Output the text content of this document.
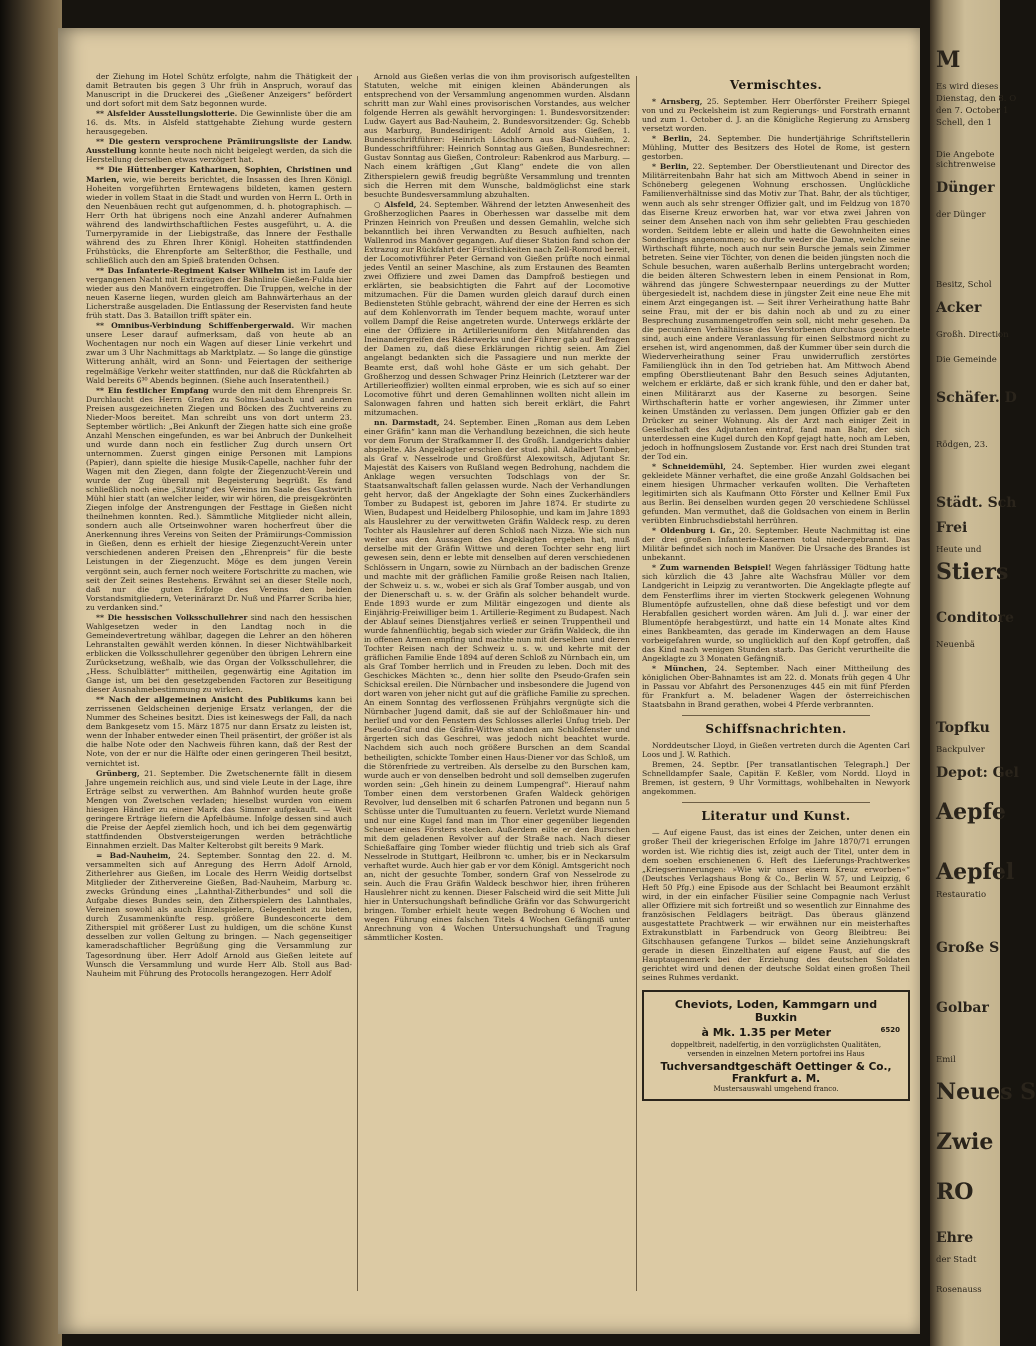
der Ziehung im Hotel Schütz erfolgte, nahm die Thätigkeit der damit Betrauten bis gegen 3 Uhr früh in Anspruch, worauf das Manuscript in die Druckerei des „Gießener Anzeigers“ befördert und dort sofort mit dem Satz begonnen wurde.

** Alsfelder Ausstellungslotterie. Die Gewinnliste über die am 16. ds. Mts. in Alsfeld stattgehabte Ziehung wurde gestern herausgegeben.

** Die gestern versprochene Prämiirungsliste der Landw. Ausstellung konnte heute noch nicht beigelegt werden, da sich die Herstellung derselben etwas verzögert hat.

** Die Hüttenberger Katharinen, Sophien, Christinen und Marien, wie, wie bereits berichtet, die Insassen des Ihren Königl. Hoheiten vorgeführten Erntewagens bildeten, kamen gestern wieder in vollem Staat in die Stadt und wurden von Herrn L. Orth in den Neuenbäuen recht gut aufgenommen, d. h. photographisch. — Herr Orth hat übrigens noch eine Anzahl anderer Aufnahmen während des landwirthschaftlichen Festes ausgeführt, u. A. die Turnerpyramide in der Liebigstraße, das Innere der Festhalle während des zu Ehren Ihrer Königl. Hoheiten stattfindenden Frühstücks, die Ehrenpforte am Selterßthor, die Festhalle, und schließlich auch den am Spieß bratenden Ochsen.

** Das Infanterie-Regiment Kaiser Wilhelm ist im Laufe der vergangenen Nacht mit Extrazügen der Bahnlinie Gießen-Fulda hier wieder aus den Manövern eingetroffen. Die Truppen, welche in der neuen Kaserne liegen, wurden gleich am Bahnwärterhaus an der Licherstraße ausgeladen. Die Entlassung der Reservisten fand heute früh statt. Das 3. Bataillon trifft später ein.

** Omnibus-Verbindung Schiffenbergerwald. Wir machen unsere Leser darauf aufmerksam, daß von heute ab an Wochentagen nur noch ein Wagen auf dieser Linie verkehrt und zwar um 3 Uhr Nachmittags ab Marktplatz. — So lange die günstige Witterung anhält, wird an Sonn- und Feiertagen der seitherige regelmäßige Verkehr weiter stattfinden, nur daß die Rückfahrten ab Wald bereits 6³⁰ Abends beginnen. (Siehe auch Inseratentheil.)

** Ein festlicher Empfang wurde den mit dem Ehrenpreis Sr. Durchlaucht des Herrn Grafen zu Solms-Laubach und anderen Preisen ausgezeichneten Ziegen und Böcken des Zuchtvereins zu Nieder-Moos bereitet. Man schreibt uns von dort unterm 23. September wörtlich: „Bei Ankunft der Ziegen hatte sich eine große Anzahl Menschen eingefunden, es war bei Anbruch der Dunkelheit und wurde dann noch ein festlicher Zug durch unsern Ort unternommen. Zuerst gingen einige Personen mit Lampions (Papier), dann spielte die hiesige Musik-Capelle, nachher fuhr der Wagen mit den Ziegen, dann folgte der Ziegenzucht-Verein und wurde der Zug überall mit Begeisterung begrüßt. Es fand schließlich noch eine „Sitzung“ des Vereins im Saale des Gastwirth Mühl hier statt (an welcher leider, wir wir hören, die preisgekrönten Ziegen infolge der Anstrengungen der Festtage in Gießen nicht theilnehmen konnten. Red.). Sämmtliche Mitglieder nicht allein, sondern auch alle Ortseinwohner waren hocherfreut über die Anerkennung ihres Vereins von Seiten der Prämiirungs-Commission in Gießen, denn es erhielt der hiesige Ziegenzucht-Verein unter verschiedenen anderen Preisen den „Ehrenpreis“ für die beste Leistungen in der Ziegenzucht. Möge es dem jungen Verein vergönnt sein, auch ferner noch weitere Fortschritte zu machen, wie seit der Zeit seines Bestehens. Erwähnt sei an dieser Stelle noch, daß nur die guten Erfolge des Vereins den beiden Vorstandsmitgliedern, Veterinärarzt Dr. Nuß und Pfarrer Scriba hier, zu verdanken sind.“

** Die hessischen Volksschullehrer sind nach den hessischen Wahlgesetzen weder in den Landtag noch in die Gemeindevertretung wählbar, dagegen die Lehrer an den höheren Lehranstalten gewählt werden können. In dieser Nichtwählbarkeit erblicken die Volksschullehrer gegenüber den übrigen Lehrern eine Zurücksetzung, weßhalb, wie das Organ der Volksschullehrer, die „Hess. Schulblätter“ mittheilen, gegenwärtig eine Agitation im Gange ist, um bei den gesetzgebenden Factoren zur Beseitigung dieser Ausnahmebestimmung zu wirken.

** Nach der allgemeinen Ansicht des Publikums kann bei zerrissenen Geldscheinen derjenige Ersatz verlangen, der die Nummer des Scheines besitzt. Dies ist keineswegs der Fall, da nach dem Bankgesetz vom 15. März 1875 nur dann Ersatz zu leisten ist, wenn der Inhaber entweder einen Theil präsentirt, der größer ist als die halbe Note oder den Nachweis führen kann, daß der Rest der Note, von der er nur die Hälfte oder einen geringeren Theil besitzt, vernichtet ist.

Grünberg, 21. September. Die Zwetschenernte fällt in diesem Jahre ungemein reichlich aus, und sind viele Leute in der Lage, ihre Erträge selbst zu verwerthen. Am Bahnhof wurden heute große Mengen von Zwetschen verladen; hieselbst wurden von einem hiesigen Händler zu einer Mark das Simmer aufgekauft. — Weit geringere Erträge liefern die Apfelbäume. Infolge dessen sind auch die Preise der Aepfel ziemlich hoch, und ich bei dem gegenwärtig stattfindenden Obstversteigerungen werden beträchtliche Einnahmen erzielt. Das Malter Kelterobst gilt bereits 9 Mark.

= Bad-Nauheim, 24. September. Sonntag den 22. d. M. versammelten sich auf Anregung des Herrn Adolf Arnold, Zitherlehrer aus Gießen, im Locale des Herrn Weidig dortselbst Mitglieder der Zithervereine Gießen, Bad-Nauheim, Marburg ꝛc. zwecks Gründung eines „Lahnthal-Zitherbundes“ und soll die Aufgabe dieses Bundes sein, den Zitherspielern des Lahnthales, Vereinen sowohl als auch Einzelspielern, Gelegenheit zu bieten, durch Zusammenkünfte resp. größere Bundesconcerte dem Zitherspiel mit größerer Lust zu huldigen, um die schöne Kunst desselben zur vollen Geltung zu bringen. — Nach gegenseitiger kameradschaftlicher Begrüßung ging die Versammlung zur Tagesordnung über. Herr Adolf Arnold aus Gießen leitete auf Wunsch die Versammlung und wurde Herr Alb. Stoll aus Bad-Nauheim mit Führung des Protocolls herangezogen. Herr Adolf

Arnold aus Gießen verlas die von ihm provisorisch aufgestellten Statuten, welche mit einigen kleinen Abänderungen als entsprechend von der Versammlung angenommen wurden. Alsdann schritt man zur Wahl eines provisorischen Vorstandes, aus welcher folgende Herren als gewählt hervorgingen: 1. Bundesvorsitzender: Ludw. Gayert aus Bad-Nauheim, 2. Bundesvorsitzender: Gg. Schebb aus Marburg, Bundesdirigent: Adolf Arnold aus Gießen, 1. Bundesschriftführer: Heinrich Löschhorn aus Bad-Nauheim, 2. Bundesschriftführer: Heinrich Sonntag aus Gießen, Bundesrechner: Gustav Sonntag aus Gießen, Controleur: Rabenkrod aus Marburg. — Nach einem kräftigen „Gut Klang“ endete die von allen Zitherspielern gewiß freudig begrüßte Versammlung und trennten sich die Herren mit dem Wunsche, baldmöglichst eine stark besuchte Bundesversammlung abzuhalten.

○ Alsfeld, 24. September. Während der letzten Anwesenheit des Großherzoglichen Paares in Oberhessen war dasselbe mit dem Prinzen Heinrich von Preußen und dessen Gemahlin, welche sich bekanntlich bei ihren Verwandten zu Besuch aufhielten, nach Wallenrod ins Manöver gegangen. Auf dieser Station fand schon der Extrazug zur Rückfahrt der Fürstlichkeiten nach Zell-Romrod bereit, der Locomotivführer Peter Gernand von Gießen prüfte noch einmal jedes Ventil an seiner Maschine, als zum Erstaunen des Beamten zwei Offiziere und zwei Damen das Dampfroß bestiegen und erklärten, sie beabsichtigten die Fahrt auf der Locomotive mitzumachen. Für die Damen wurden gleich darauf durch einen Bediensteten Stühle gebracht, während der eine der Herren es sich auf dem Kohlenvorrath im Tender bequem machte, worauf unter vollem Dampf die Reise angetreten wurde. Unterwegs erklärte der eine der Offiziere in Artillerieuniform den Mitfahrenden das Ineinandergreifen des Räderwerks und der Führer gab auf Befragen der Damen zu, daß diese Erklärungen richtig seien. Am Ziel angelangt bedankten sich die Passagiere und nun merkte der Beamte erst, daß wohl hohe Gäste er um sich gehabt. Der Großherzog und dessen Schwager Prinz Heinrich (Letzterer war der Artillerieoffizier) wollten einmal erproben, wie es sich auf so einer Locomotive führt und deren Gemahlinnen wollten nicht allein im Salonwagen fahren und hatten sich bereit erklärt, die Fahrt mitzumachen.

nn. Darmstadt, 24. September. Einen „Roman aus dem Leben einer Gräfin“ kann man die Verhandlung bezeichnen, die sich heute vor dem Forum der Strafkammer II. des Großh. Landgerichts dahier abspielte. Als Angeklagter erschien der stud. phil. Adalbert Tomber, als Graf v. Nesselrode und Großfürst Alexowitsch, Adjutant Sr. Majestät des Kaisers von Rußland wegen Bedrohung, nachdem die Anklage wegen versuchten Todschlags von der Sr. Staatsanwaltschaft fallen gelassen wurde. Nach der Verhandlungen geht hervor, daß der Angeklagte der Sohn eines Zuckerhändlers Tomber zu Budapest ist, geboren im Jahre 1874. Er studirte zu Wien, Budapest und Heidelberg Philosophie, und kam im Jahre 1893 als Hauslehrer zu der verwittweten Gräfin Waldeck resp. zu deren Tochter als Hauslehrer auf deren Schloß nach Nizza. Wie sich nun weiter aus den Aussagen des Angeklagten ergeben hat, muß derselbe mit der Gräfin Wittwe und deren Tochter sehr eng liirt gewesen sein, denn er lebte mit denselben auf deren verschiedenen Schlössern in Ungarn, sowie zu Nürnbach an der badischen Grenze und machte mit der gräflichen Familie große Reisen nach Italien, der Schweiz u. s. w., wobei er sich als Graf Tomber ausgab, und von der Dienerschaft u. s. w. der Gräfin als solcher behandelt wurde. Ende 1893 wurde er zum Militär eingezogen und diente als Einjährig-Freiwilliger beim 1. Artillerie-Regiment zu Budapest. Nach der Ablauf seines Dienstjahres verließ er seinen Truppentheil und wurde fahnenflüchtig, begab sich wieder zur Gräfin Waldeck, die ihn in offenen Armen empfing und machte nun mit derselben und deren Tochter Reisen nach der Schweiz u. s. w. und kehrte mit der gräflichen Familie Ende 1894 auf deren Schloß zu Nürnbach ein, um als Graf Tomber herrlich und in Freuden zu leben. Doch mit des Geschickes Mächten ꝛc., denn hier sollte den Pseudo-Grafen sein Schicksal ereilen. Die Nürnbacher und insbesondere die Jugend von dort waren von jeher nicht gut auf die gräfliche Familie zu sprechen. An einem Sonntag des verflossenen Frühjahrs vergnügte sich die Nürnbacher Jugend damit, daß sie auf der Schloßmauer hin- und herlief und vor den Fenstern des Schlosses allerlei Unfug trieb. Der Pseudo-Graf und die Gräfin-Wittwe standen am Schloßfenster und ärgerten sich das Geschrei, was jedoch nicht beachtet wurde. Nachdem sich auch noch größere Burschen an dem Scandal betheiligten, schickte Tomber einen Haus-Diener vor das Schloß, um die Störenfriede zu vertreiben. Als derselbe zu den Burschen kam, wurde auch er von denselben bedroht und soll demselben zugerufen worden sein: „Geh hinein zu deinem Lumpengraf“. Hierauf nahm Tomber einen dem verstorbenen Grafen Waldeck gehörigen Revolver, lud denselben mit 6 scharfen Patronen und begann nun 5 Schüsse unter die Tumultuanten zu feuern. Verletzt wurde Niemand und nur eine Kugel fand man im Thor einer gegenüber liegenden Scheuer eines Försters stecken. Außerdem eilte er den Burschen mit dem geladenen Revolver auf der Straße nach. Nach dieser Schießaffaire ging Tomber wieder flüchtig und trieb sich als Graf Nesselrode in Stuttgart, Heilbronn ꝛc. umher, bis er in Neckarsulm verhaftet wurde. Auch hier gab er vor dem Königl. Amtsgericht noch an, nicht der gesuchte Tomber, sondern Graf von Nesselrode zu sein. Auch die Frau Gräfin Waldeck beschwor hier, ihren früheren Hauslehrer nicht zu kennen. Dieser Falscheid wird die seit Mitte Juli hier in Untersuchungshaft befindliche Gräfin vor das Schwurgericht bringen. Tomber erhielt heute wegen Bedrohung 6 Wochen und wegen Führung eines falschen Titels 4 Wochen Gefängniß unter Anrechnung von 4 Wochen Untersuchungshaft und Tragung sämmtlicher Kosten.

Vermischtes.

* Arnsberg, 25. September. Herr Oberförster Freiherr Spiegel von und zu Peckelsheim ist zum Regierungs- und Forstrath ernannt und zum 1. October d. J. an die Königliche Regierung zu Arnsberg versetzt worden.

* Berlin, 24. September. Die hundertjährige Schriftstellerin Mühling, Mutter des Besitzers des Hotel de Rome, ist gestern gestorben.

* Berlin, 22. September. Der Oberstlieutenant und Director des Militärreitenbahn Bahr hat sich am Mittwoch Abend in seiner in Schöneberg gelegenen Wohnung erschossen. Unglückliche Familienverhältnisse sind das Motiv zur That. Bahr, der als tüchtiger, wenn auch als sehr strenger Offizier galt, und im Feldzug von 1870 das Eiserne Kreuz erworben hat, war vor etwa zwei Jahren von seiner dem Ansehen nach von ihm sehr geliebten Frau geschieden worden. Seitdem lebte er allein und hatte die Gewohnheiten eines Sonderlings angenommen; so durfte weder die Dame, welche seine Wirthschaft führte, noch auch nur sein Bursche jemals sein Zimmer betreten. Seine vier Töchter, von denen die beiden jüngsten noch die Schule besuchen, waren außerhalb Berlins untergebracht worden; die beiden älteren Schwestern leben in einem Pensionat in Rom, während das jüngere Schwesternpaar neuerdings zu der Mutter übergesiedelt ist, nachdem diese in jüngster Zeit eine neue Ehe mit einem Arzt eingegangen ist. — Seit ihrer Verheirathung hatte Bahr seine Frau, mit der er bis dahin noch ab und zu zu einer Besprechung zusammengetroffen sein soll, nicht mehr gesehen. Da die pecuniären Verhältnisse des Verstorbenen durchaus geordnete sind, auch eine andere Veranlassung für einen Selbstmord nicht zu ersehen ist, wird angenommen, daß der Kummer über sein durch die Wiederverheirathung seiner Frau unwiderruflich zerstörtes Familienglück ihn in den Tod getrieben hat. Am Mittwoch Abend empfing Oberstlieutenant Bahr den Besuch seines Adjutanten, welchem er erklärte, daß er sich krank fühle, und den er daher bat, einen Militärarzt aus der Kaserne zu besorgen. Seine Wirthschafterin hatte er vorher angewiesen, ihr Zimmer unter keinen Umständen zu verlassen. Dem jungen Offizier gab er den Drücker zu seiner Wohnung. Als der Arzt nach einiger Zeit in Gesellschaft des Adjutanten eintraf, fand man Bahr, der sich unterdessen eine Kugel durch den Kopf gejagt hatte, noch am Leben, jedoch in hoffnungslosem Zustande vor. Erst nach drei Stunden trat der Tod ein.

* Schneidemühl, 24. September. Hier wurden zwei elegant gekleidete Männer verhaftet, die eine große Anzahl Goldsachen bei einem hiesigen Uhrmacher verkaufen wollten. Die Verhafteten legitimirten sich als Kaufmann Otto Förster und Kellner Emil Fux aus Berlin. Bei denselben wurden gegen 20 verschiedene Schlüssel gefunden. Man vermuthet, daß die Goldsachen von einem in Berlin verübten Einbruchsdiebstahl herrühren.

* Oldenburg i. Gr., 20. September. Heute Nachmittag ist eine der drei großen Infanterie-Kasernen total niedergebrannt. Das Militär befindet sich noch im Manöver. Die Ursache des Brandes ist unbekannt.

* Zum warnenden Beispiel! Wegen fahrlässiger Tödtung hatte sich kürzlich die 43 Jahre alte Wachsfrau Müller vor dem Landgericht in Leipzig zu verantworten. Die Angeklagte pflegte auf dem Fensterflims ihrer im vierten Stockwerk gelegenen Wohnung Blumentöpfe aufzustellen, ohne daß diese befestigt und vor dem Herabfallen gesichert worden wären. Am Juli d. J. war einer der Blumentöpfe herabgestürzt, und hatte ein 14 Monate altes Kind eines Bankbeamten, das gerade im Kinderwagen an dem Hause vorbeigefahren wurde, so unglücklich auf den Kopf getroffen, daß das Kind nach wenigen Stunden starb. Das Gericht verurtheilte die Angeklagte zu 3 Monaten Gefängniß.

* München, 24. September. Nach einer Mittheilung des königlichen Ober-Bahnamtes ist am 22. d. Monats früh gegen 4 Uhr in Passau vor Abfahrt des Personenzuges 445 ein mit fünf Pferden für Frankfurt a. M. beladener Wagen der österreichischen Staatsbahn in Brand gerathen, wobei 4 Pferde verbrannten.

Schiffsnachrichten.

Norddeutscher Lloyd, in Gießen vertreten durch die Agenten Carl Loos und J. W. Rathich.

Bremen, 24. Septbr. [Per transatlantischen Telegraph.] Der Schnelldampfer Saale, Capitän F. Keßler, vom Nordd. Lloyd in Bremen, ist gestern, 9 Uhr Vormittags, wohlbehalten in Newyork angekommen.

Literatur und Kunst.

— Auf eigene Faust, das ist eines der Zeichen, unter denen ein großer Theil der kriegerischen Erfolge im Jahre 1870/71 errungen worden ist. Wie richtig dies ist, zeigt auch der Titel, unter dem in dem soeben erschienenen 6. Heft des Lieferungs-Prachtwerkes „Kriegserinnerungen: »Wie wir unser eisern Kreuz erworben«“ (Deutsches Verlagshaus Bong & Co., Berlin W. 57, und Leipzig, 6 Heft 50 Pfg.) eine Episode aus der Schlacht bei Beaumont erzählt wird, in der ein einfacher Füsilier seine Compagnie nach Verlust aller Offiziere mit sich fortreißt und so wesentlich zur Einnahme des französischen Feldlagers beiträgt. Das überaus glänzend ausgestattete Prachtwerk — wir erwähnen nur ein meisterhaftes Extrakunstblatt in Farbendruck von Georg Bleibtreu: Bei Gitschhausen gefangene Turkos — bildet seine Anziehungskraft gerade in diesen Einzelthaten auf eigene Faust, auf die des Hauptaugenmerk bei der Erziehung des deutschen Soldaten gerichtet wird und denen der deutsche Soldat einen großen Theil seines Ruhmes verdankt.

Cheviots, Loden, Kammgarn und Buxkin
à Mk. 1.35 per Meter	6520
doppeltbreit, nadelfertig, in den vorzüglichsten Qualitäten, versenden in einzelnen Metern portofrei ins Haus
Tuchversandtgeschäft Oettinger & Co., Frankfurt a. M.
Mustersauswahl umgehend franco.
M
Es wird dieses
Dienstag, den 8. O
den 7. October 1
Schell, den 1
Die Angebote
sichtrenweise
Dünger
der Dünger
Besitz, Schol
Acker
Großh. Direction
Die Gemeinde
Schäfer. D
Rödgen, 23.
Städt. Sch
Frei
Heute und
Stiers
Conditore
Neuenbä
Topfku
Backpulver
Depot: Gel
Aepfe
Aepfel
Restauratio
Große S
Golbar
Emil
Neues S
Zwie
RO
Ehre
der Stadt
Rosenauss
